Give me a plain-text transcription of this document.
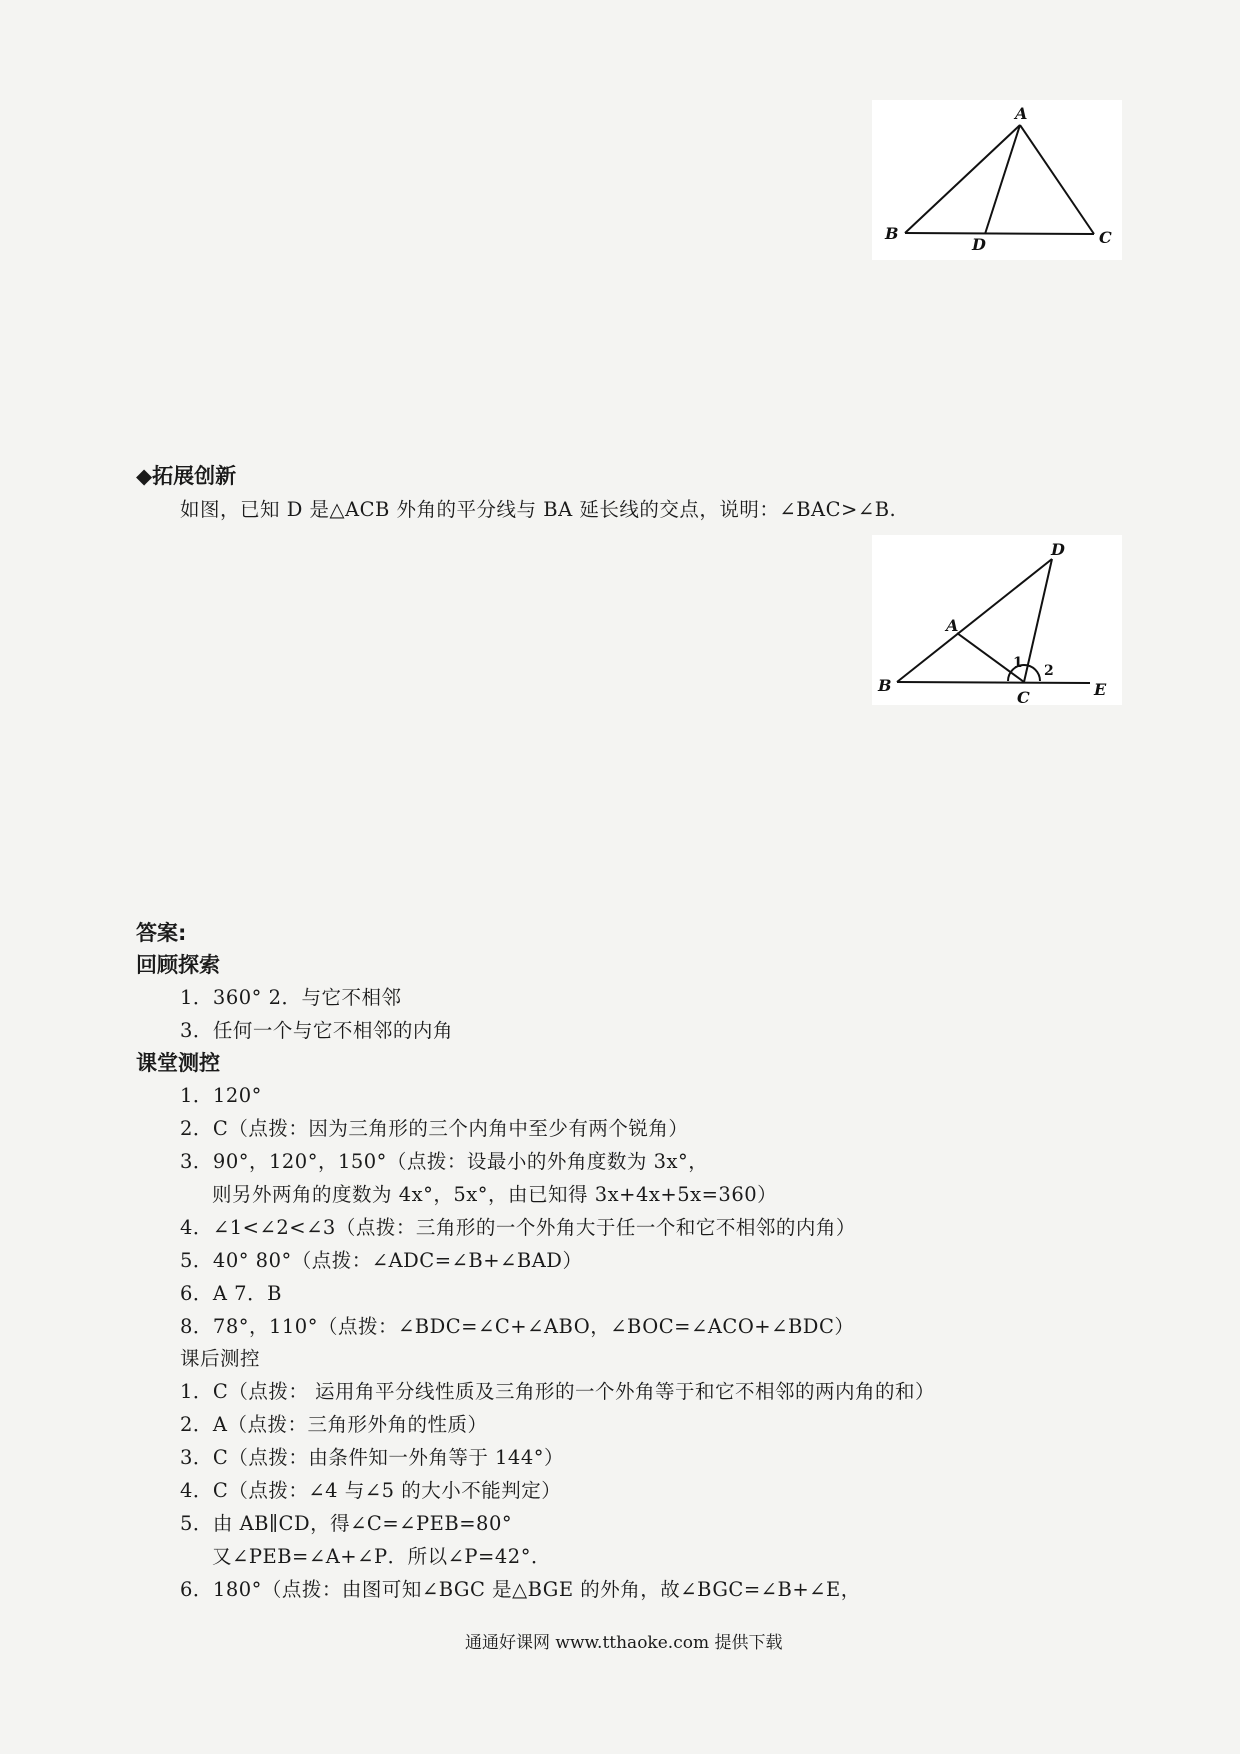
A
B	C
D
D
A
B
C	E
1 2
◆拓展创新
如图，已知 D 是△ACB 外角的平分线与 BA 延长线的交点，说明：∠BAC>∠B.
答案:
回顾探索
1．360° 2．与它不相邻
3．任何一个与它不相邻的内角
课堂测控
1．120°
2．C（点拨：因为三角形的三个内角中至少有两个锐角）
3．90°，120°，150°（点拨：设最小的外角度数为 3x°，
则另外两角的度数为 4x°，5x°，由已知得 3x+4x+5x=360）
4．∠1<∠2<∠3（点拨：三角形的一个外角大于任一个和它不相邻的内角）
5．40° 80°（点拨：∠ADC=∠B+∠BAD）
6．A 7．B
8．78°，110°（点拨：∠BDC=∠C+∠ABO，∠BOC=∠ACO+∠BDC）
课后测控
1．C（点拨： 运用角平分线性质及三角形的一个外角等于和它不相邻的两内角的和）
2．A（点拨：三角形外角的性质）
3．C（点拨：由条件知一外角等于 144°）
4．C（点拨：∠4 与∠5 的大小不能判定）
5．由 AB∥CD，得∠C=∠PEB=80°
又∠PEB=∠A+∠P．所以∠P=42°．
6．180°（点拨：由图可知∠BGC 是△BGE 的外角，故∠BGC=∠B+∠E，
通通好课网 www.tthaoke.com 提供下载
